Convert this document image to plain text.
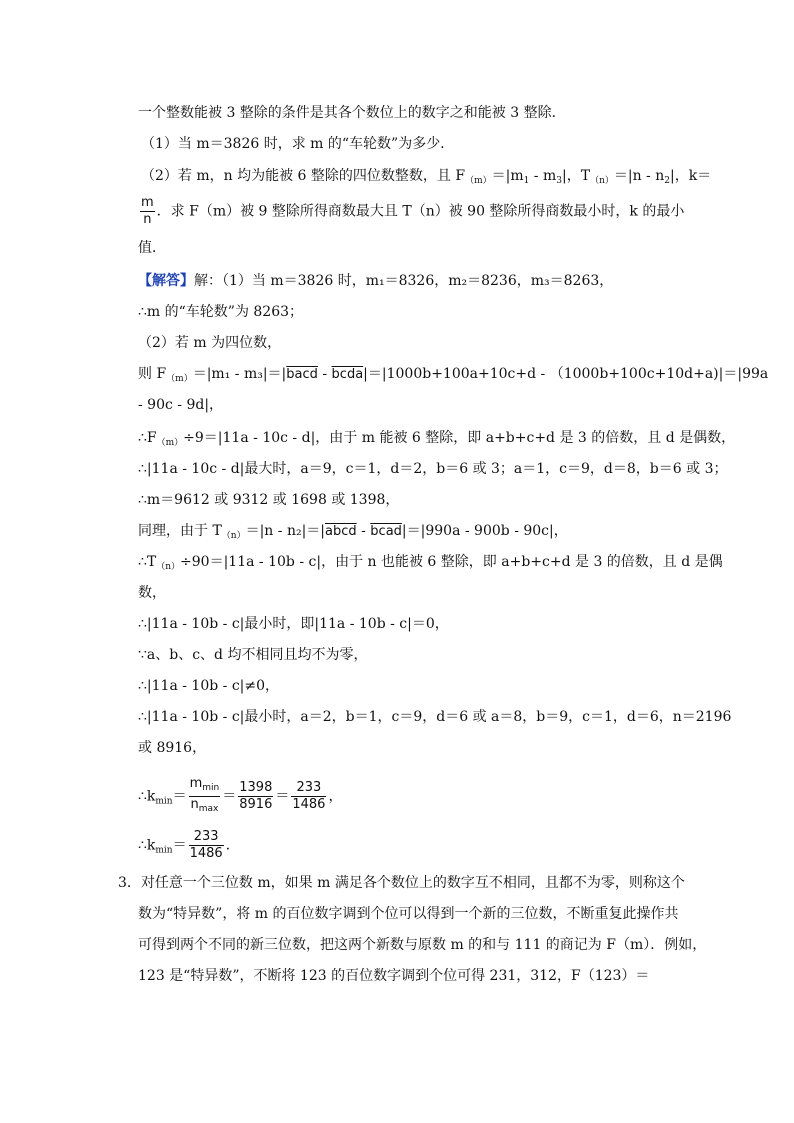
一个整数能被 3 整除的条件是其各个数位上的数字之和能被 3 整除．
（1）当 m＝3826 时，求 m 的“车轮数”为多少．
（2）若 m，n 均为能被 6 整除的四位数整数，且 $F_{(m)}=|m_1 - m_3|$，$T_{(n)}=|n - n_2|$，k＝
$\frac{m}{n}$ ．求 F（m）被 9 整除所得商数最大且 T（n）被 90 整除所得商数最小时，k 的最小
值．
【解答】解：（1）当 m＝3826 时，m₁＝8326，m₂＝8236，m₃＝8263，
∴m 的“车轮数”为 8263；
（2）若 m 为四位数，
则 $F_{(m)}=|m_1$ - m₃|＝|bacd - bcda|＝|1000b+100a+10c+d - （1000b+100c+10d+a)|＝|99a
- 90c - 9d|，
$\therefore F_{(m)}\div 9=|11a - 10c - d|$，由于 m 能被 6 整除，即 a+b+c+d 是 3 的倍数，且 d 是偶数，
∴|11a - 10c - d|最大时，a＝9，c＝1，d＝2，b＝6 或 3；a＝1，c＝9，d＝8，b＝6 或 3；
∴m＝9612 或 9312 或 1698 或 1398，
同理，由于 $T_{(n)}=|n$ - n₂|＝|abcd - bcad|＝|990a - 900b - 90c|，
$\therefore T_{(n)}\div 90=|11a - 10b - c|$，由于 n 也能被 6 整除，即 a+b+c+d 是 3 的倍数，且 d 是偶
数，
∴|11a - 10b - c|最小时，即|11a - 10b - c|＝0，
∵a、b、c、d 均不相同且均不为零，
∴|11a - 10b - c|≠0，
∴|11a - 10b - c|最小时，a＝2，b＝1，c＝9，d＝6 或 a＝8，b＝9，c＝1，d＝6，n＝2196
或 8916，
$\therefore k_{min}= \frac{m_{min}}{n_{max}} = \frac{1398}{8916} = \frac{233}{1486}$ ，
$\therefore k_{min}= \frac{233}{1486}$ ．
3．对任意一个三位数 m，如果 m 满足各个数位上的数字互不相同，且都不为零，则称这个
数为“特异数”，将 m 的百位数字调到个位可以得到一个新的三位数，不断重复此操作共
可得到两个不同的新三位数，把这两个新数与原数 m 的和与 111 的商记为 F（m）．例如，
123 是“特异数”，不断将 123 的百位数字调到个位可得 231，312，F（123）＝
